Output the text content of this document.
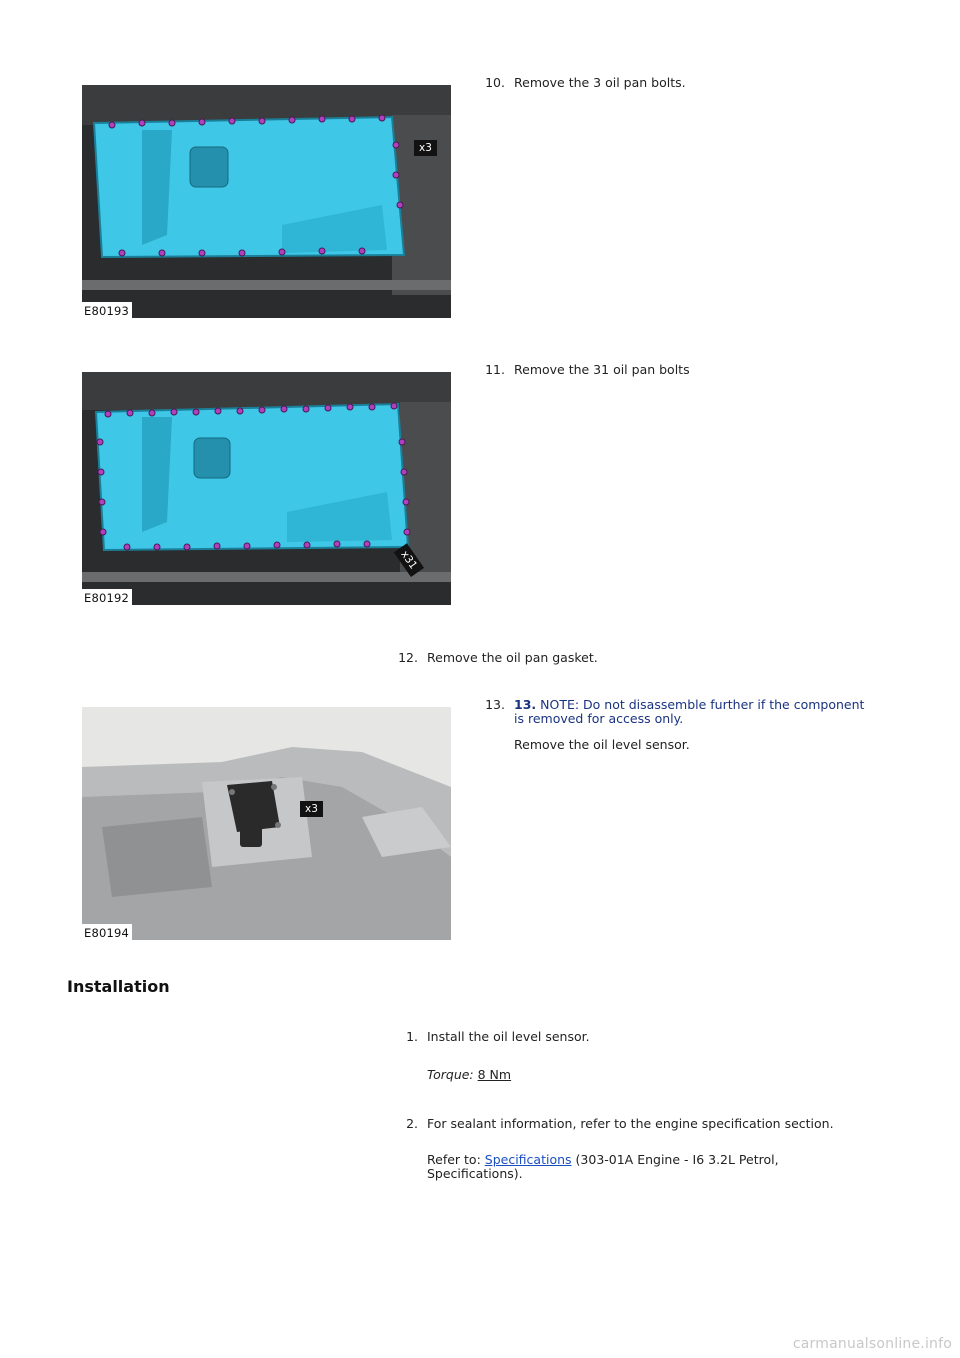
x3
E80193
10. Remove the 3 oil pan bolts.
x31
E80192
11. Remove the 31 oil pan bolts
12. Remove the oil pan gasket.
x3
E80194
13. 13. NOTE: Do not disassemble further if the component
is removed for access only.
Remove the oil level sensor.
Installation
1. Install the oil level sensor.
Torque: 8 Nm
2. For sealant information, refer to the engine specification section.
Refer to: Specifications (303-01A Engine - I6 3.2L Petrol,
Specifications).
carmanualsonline.info
